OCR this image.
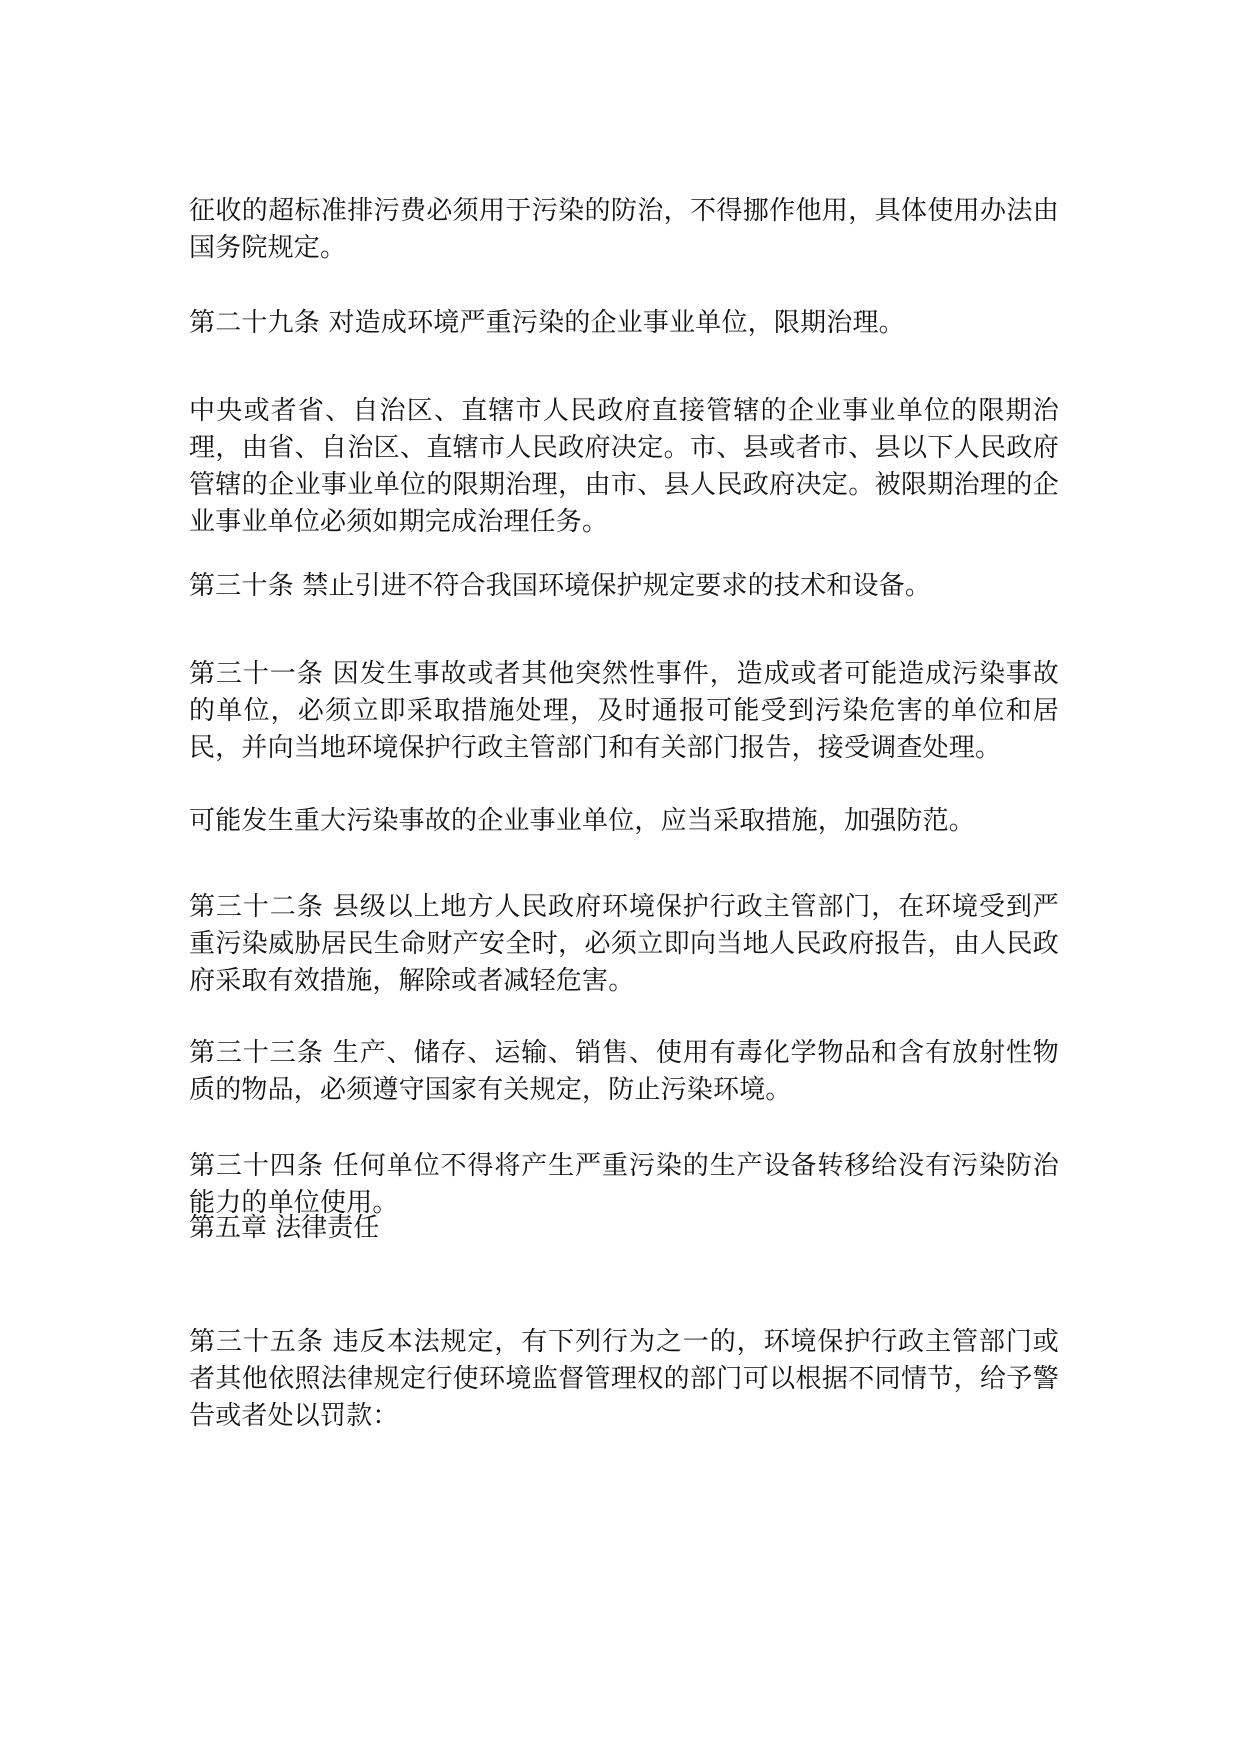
征收的超标准排污费必须用于污染的防治，不得挪作他用，具体使用办法由国务院规定。

第二十九条 对造成环境严重污染的企业事业单位，限期治理。

中央或者省、自治区、直辖市人民政府直接管辖的企业事业单位的限期治理，由省、自治区、直辖市人民政府决定。市、县或者市、县以下人民政府管辖的企业事业单位的限期治理，由市、县人民政府决定。被限期治理的企业事业单位必须如期完成治理任务。

第三十条 禁止引进不符合我国环境保护规定要求的技术和设备。

第三十一条 因发生事故或者其他突然性事件，造成或者可能造成污染事故的单位，必须立即采取措施处理，及时通报可能受到污染危害的单位和居民，并向当地环境保护行政主管部门和有关部门报告，接受调查处理。

可能发生重大污染事故的企业事业单位，应当采取措施，加强防范。

第三十二条 县级以上地方人民政府环境保护行政主管部门，在环境受到严重污染威胁居民生命财产安全时，必须立即向当地人民政府报告，由人民政府采取有效措施，解除或者减轻危害。

第三十三条 生产、储存、运输、销售、使用有毒化学物品和含有放射性物质的物品，必须遵守国家有关规定，防止污染环境。

第三十四条 任何单位不得将产生严重污染的生产设备转移给没有污染防治能力的单位使用。

第五章 法律责任

第三十五条 违反本法规定，有下列行为之一的，环境保护行政主管部门或者其他依照法律规定行使环境监督管理权的部门可以根据不同情节，给予警告或者处以罚款：
